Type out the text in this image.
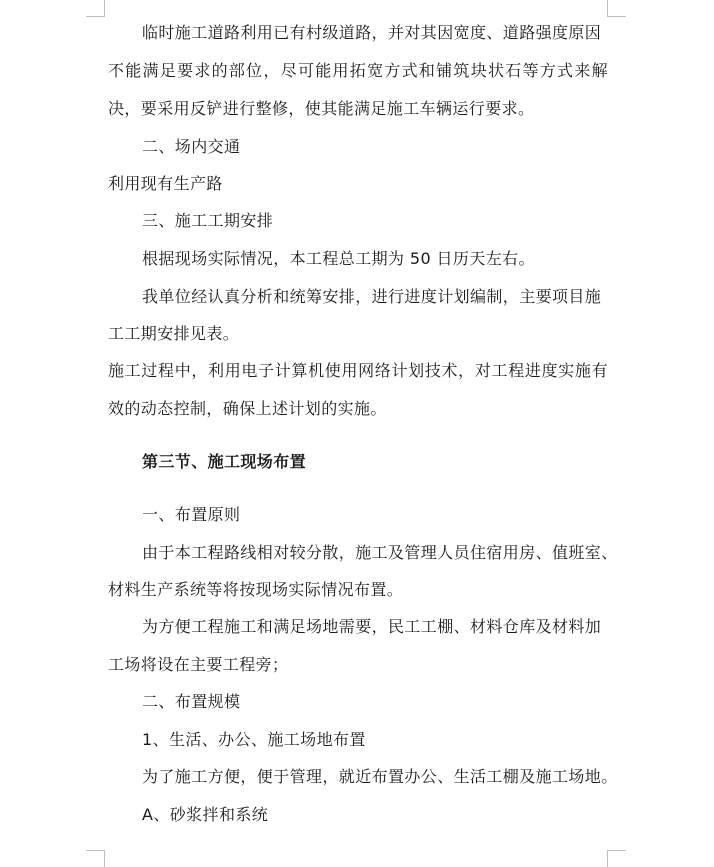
临时施工道路利用已有村级道路，并对其因宽度、道路强度原因
不能满足要求的部位，尽可能用拓宽方式和铺筑块状石等方式来解
决，要采用反铲进行整修，使其能满足施工车辆运行要求。
二、场内交通
利用现有生产路
三、施工工期安排
根据现场实际情况，本工程总工期为 50 日历天左右。
我单位经认真分析和统筹安排，进行进度计划编制，主要项目施
工工期安排见表。
施工过程中，利用电子计算机使用网络计划技术，对工程进度实施有
效的动态控制，确保上述计划的实施。
第三节、施工现场布置
一、布置原则
由于本工程路线相对较分散，施工及管理人员住宿用房、值班室、
材料生产系统等将按现场实际情况布置。
为方便工程施工和满足场地需要，民工工棚、材料仓库及材料加
工场将设在主要工程旁；
二、布置规模
1、生活、办公、施工场地布置
为了施工方便，便于管理，就近布置办公、生活工棚及施工场地。
A、砂浆拌和系统
